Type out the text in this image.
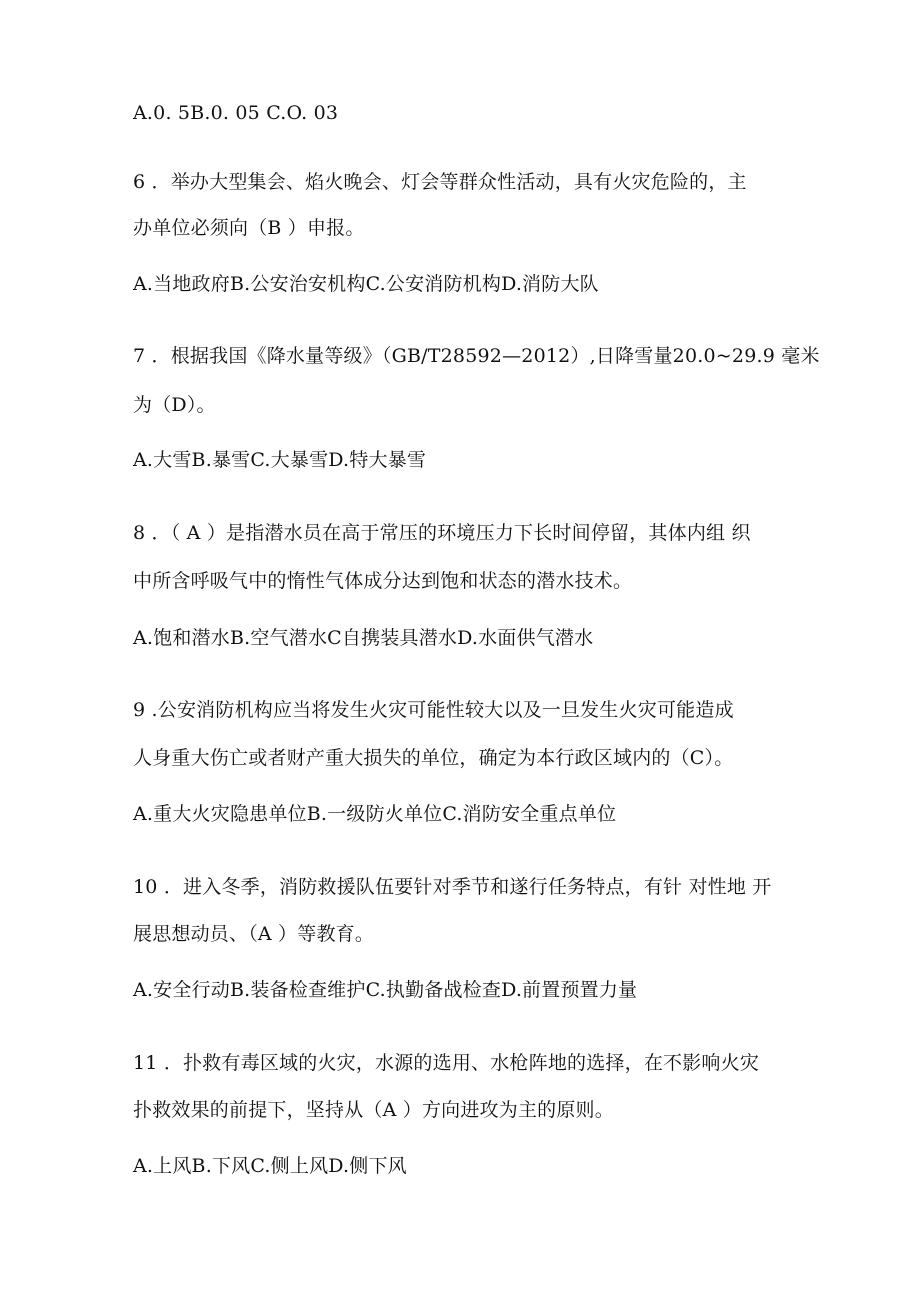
A.0. 5B.0. 05 C.O. 03
6 ．举办大型集会、焰火晚会、灯会等群众性活动，具有火灾危险的，主
办单位必须向（B ）申报。
A.当地政府B.公安治安机构C.公安消防机构D.消防大队
7 ．根据我国《降水量等级》（GB/T28592—2012）,日降雪量20.0~29.9 毫米
为（D）。
A.大雪B.暴雪C.大暴雪D.特大暴雪
8 ．（ A ）是指潜水员在高于常压的环境压力下长时间停留，其体内组 织
中所含呼吸气中的惰性气体成分达到饱和状态的潜水技术。
A.饱和潜水B.空气潜水C自携装具潜水D.水面供气潜水
9 .公安消防机构应当将发生火灾可能性较大以及一旦发生火灾可能造成
人身重大伤亡或者财产重大损失的单位，确定为本行政区域内的（C）。
A.重大火灾隐患单位B.一级防火单位C.消防安全重点单位
10 ．进入冬季，消防救援队伍要针对季节和遂行任务特点，有针 对性地 开
展思想动员、（A ）等教育。
A.安全行动B.装备检查维护C.执勤备战检查D.前置预置力量
11 ．扑救有毒区域的火灾，水源的选用、水枪阵地的选择，在不影响火灾
扑救效果的前提下，坚持从（A ）方向进攻为主的原则。
A.上风B.下风C.侧上风D.侧下风
